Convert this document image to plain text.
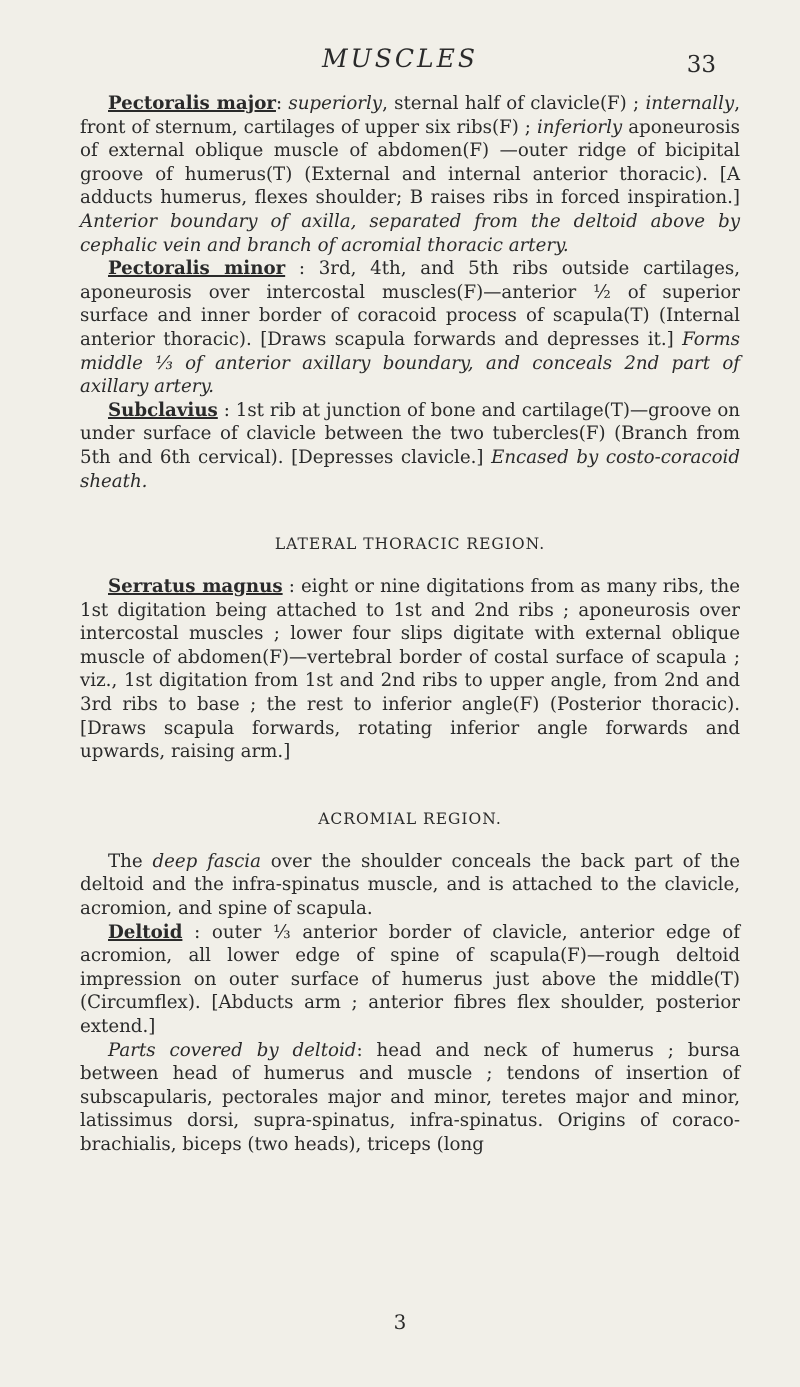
MUSCLES	33

Pectoralis major: superiorly, sternal half of clavicle(F) ; internally, front of sternum, cartilages of upper six ribs(F) ; inferiorly aponeurosis of external oblique muscle of abdomen(F) —outer ridge of bicipital groove of humerus(T) (External and internal anterior thoracic). [A adducts humerus, flexes shoulder; B raises ribs in forced inspiration.] Anterior boundary of axilla, separated from the deltoid above by cephalic vein and branch of acromial thoracic artery.

Pectoralis minor : 3rd, 4th, and 5th ribs outside cartilages, aponeurosis over intercostal muscles(F)—anterior ½ of superior surface and inner border of coracoid process of scapula(T) (Internal anterior thoracic). [Draws scapula forwards and depresses it.] Forms middle ⅓ of anterior axillary boundary, and conceals 2nd part of axillary artery.

Subclavius : 1st rib at junction of bone and cartilage(T)—groove on under surface of clavicle between the two tubercles(F) (Branch from 5th and 6th cervical). [Depresses clavicle.] Encased by costo-coracoid sheath.

LATERAL THORACIC REGION.

Serratus magnus : eight or nine digitations from as many ribs, the 1st digitation being attached to 1st and 2nd ribs ; aponeurosis over intercostal muscles ; lower four slips digitate with external oblique muscle of abdomen(F)—vertebral border of costal surface of scapula ; viz., 1st digitation from 1st and 2nd ribs to upper angle, from 2nd and 3rd ribs to base ; the rest to inferior angle(F) (Posterior thoracic). [Draws scapula forwards, rotating inferior angle forwards and upwards, raising arm.]

ACROMIAL REGION.

The deep fascia over the shoulder conceals the back part of the deltoid and the infra-spinatus muscle, and is attached to the clavicle, acromion, and spine of scapula.

Deltoid : outer ⅓ anterior border of clavicle, anterior edge of acromion, all lower edge of spine of scapula(F)—rough deltoid impression on outer surface of humerus just above the middle(T) (Circumflex). [Abducts arm ; anterior fibres flex shoulder, posterior extend.]

Parts covered by deltoid: head and neck of humerus ; bursa between head of humerus and muscle ; tendons of insertion of subscapularis, pectorales major and minor, teretes major and minor, latissimus dorsi, supra-spinatus, infra-spinatus. Origins of coraco-brachialis, biceps (two heads), triceps (long

3
